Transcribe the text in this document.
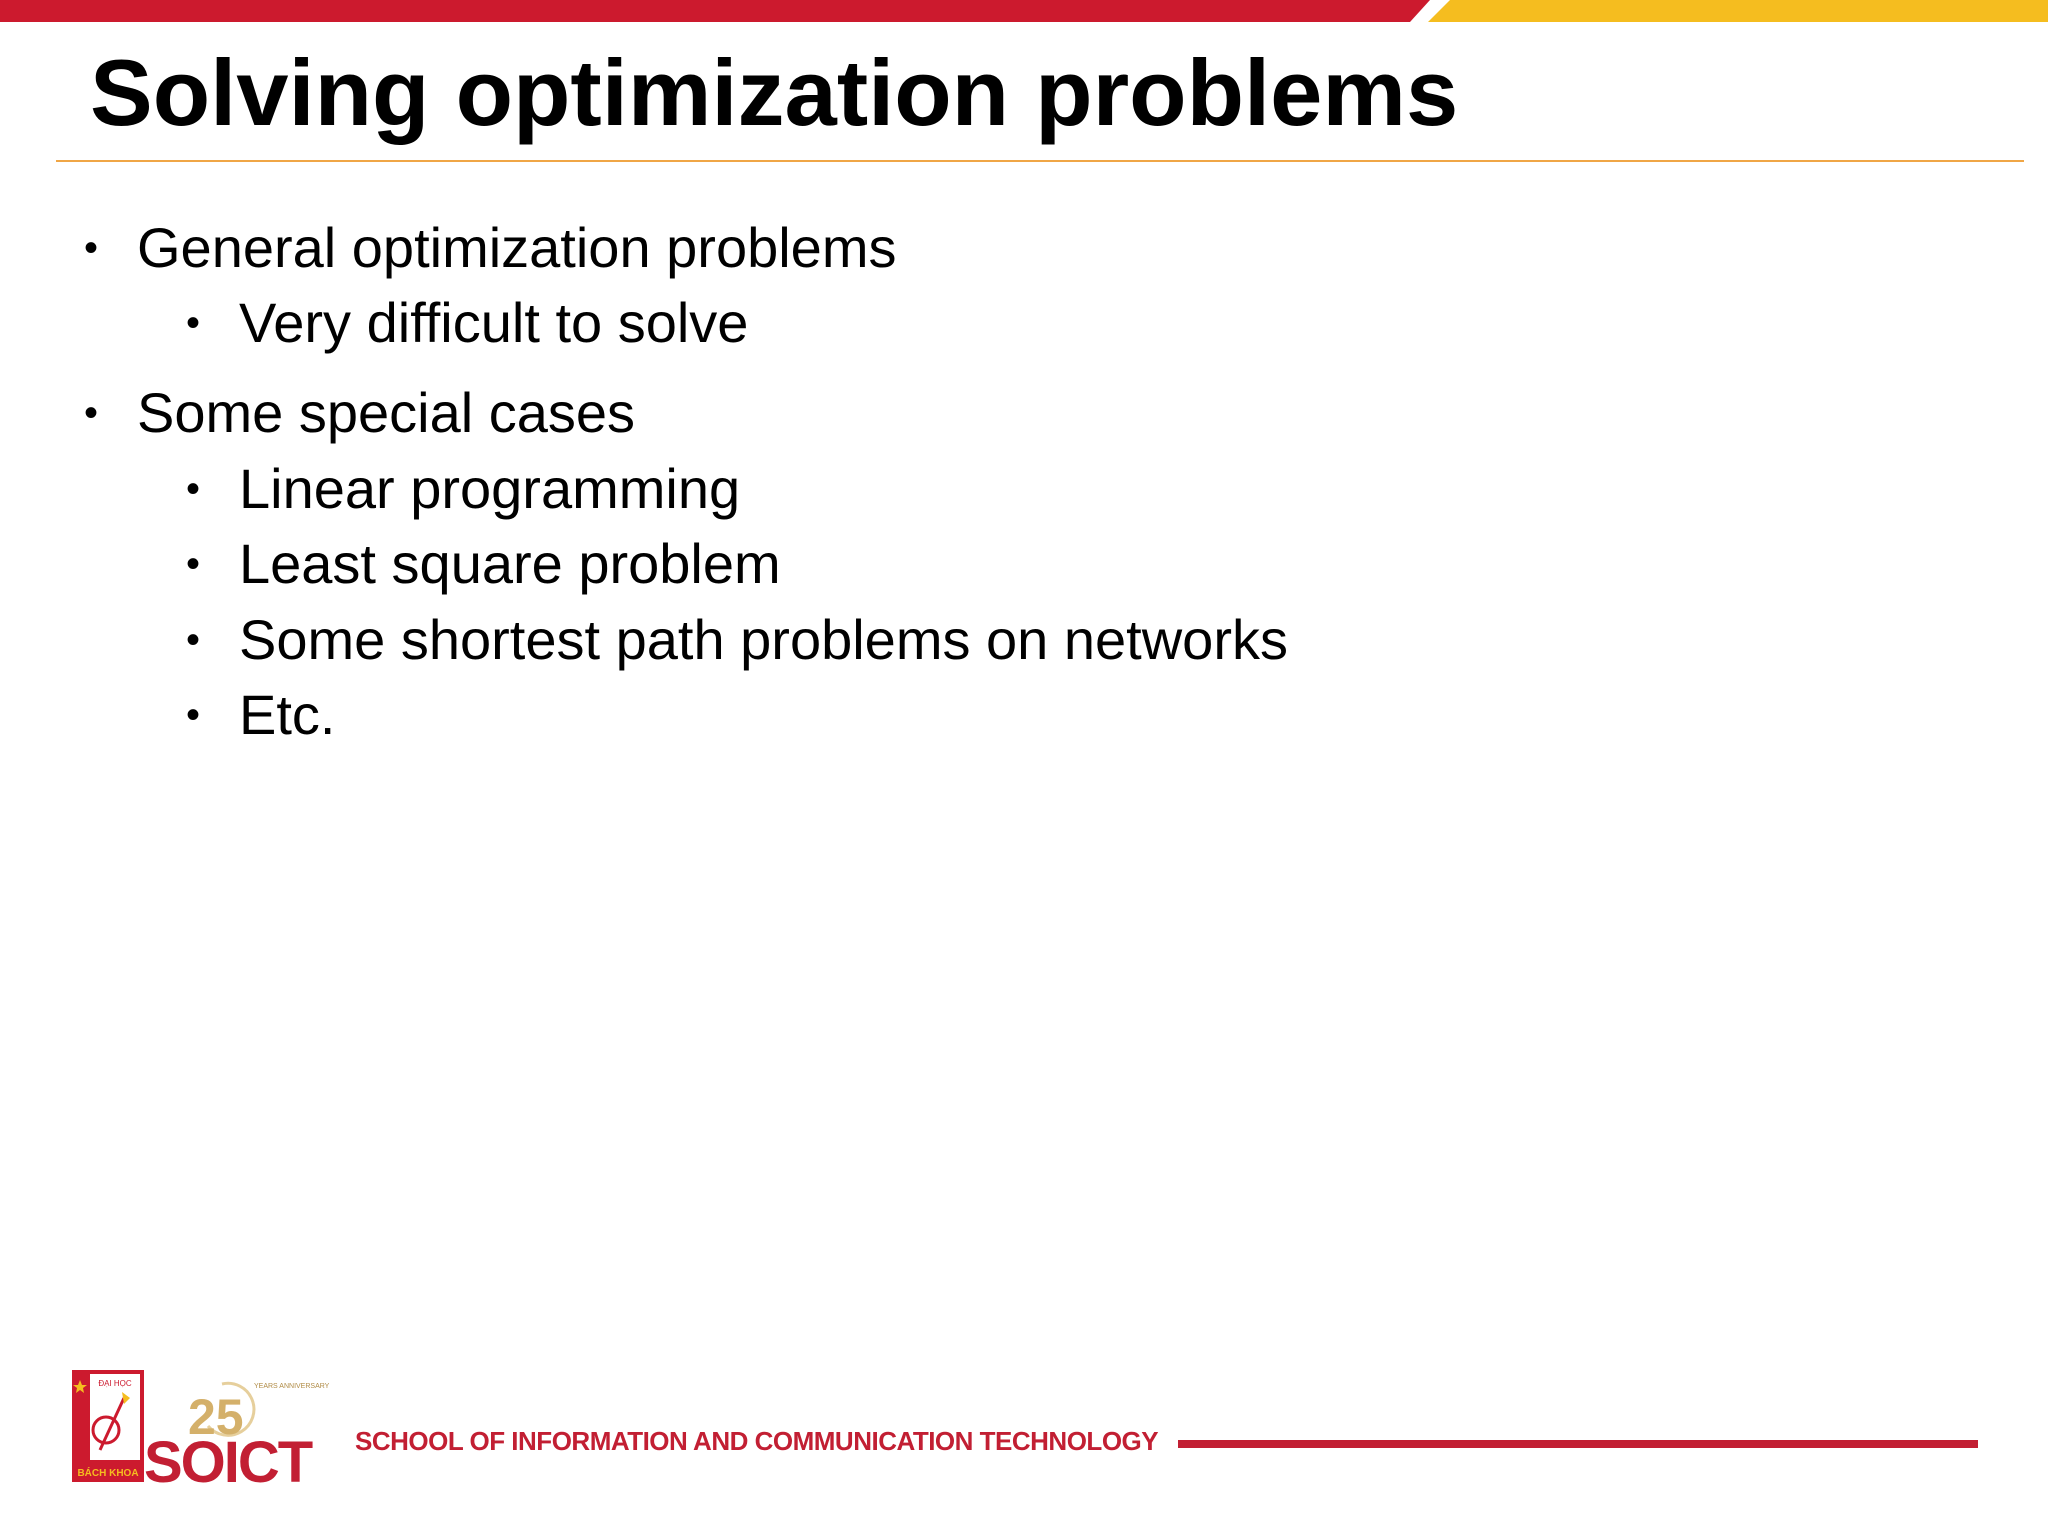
Solving optimization problems
• General optimization problems
• Very difficult to solve
• Some special cases
• Linear programming
• Least square problem
• Some shortest path problems on networks
• Etc.
ĐẠI HỌC
BÁCH KHOA
25
YEARS ANNIVERSARY
SOICT SCHOOL OF INFORMATION AND COMMUNICATION TECHNOLOGY
